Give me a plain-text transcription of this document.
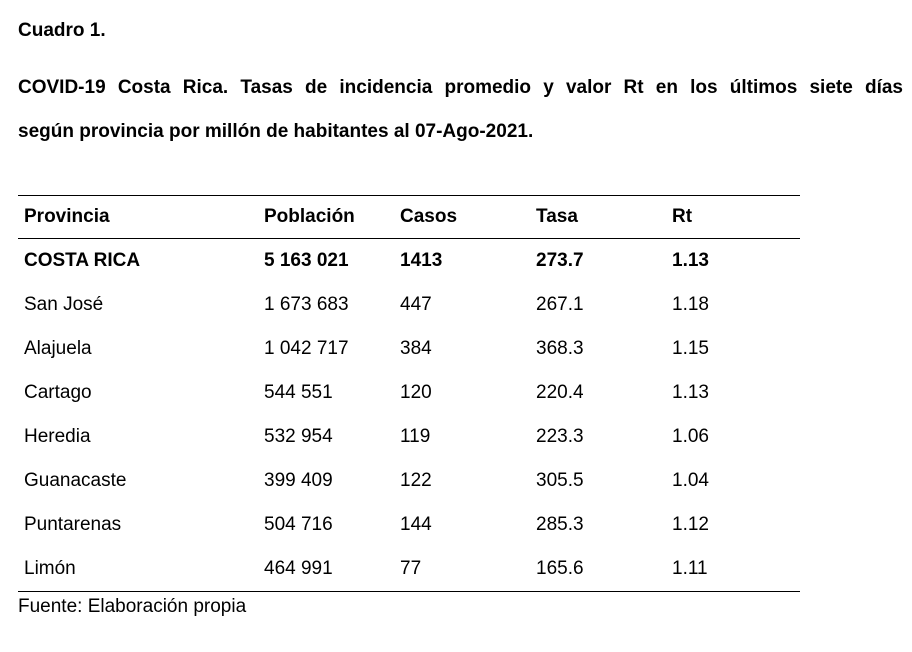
Cuadro 1.
COVID-19 Costa Rica. Tasas de incidencia promedio y valor Rt en los últimos siete días
según provincia por millón de habitantes al 07-Ago-2021.
Provincia	Población	Casos	Tasa	Rt
COSTA RICA	5 163 021	1413	273.7	1.13
San José	1 673 683	447	267.1	1.18
Alajuela	1 042 717	384	368.3	1.15
Cartago	544 551	120	220.4	1.13
Heredia	532 954	119	223.3	1.06
Guanacaste	399 409	122	305.5	1.04
Puntarenas	504 716	144	285.3	1.12
Limón	464 991	77	165.6	1.11
Fuente: Elaboración propia
